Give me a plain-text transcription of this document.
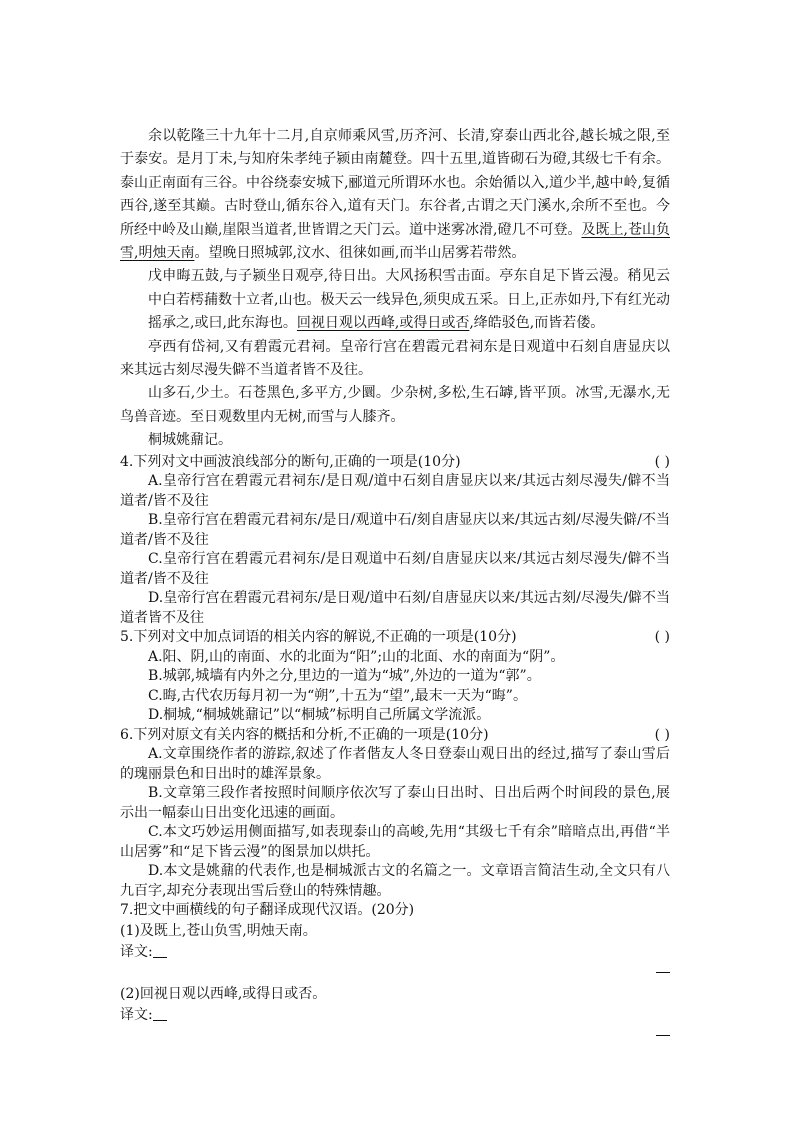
余以乾隆三十九年十二月,自京师乘风雪,历齐河、长清,穿泰山西北谷,越长城之限,至于泰安。是月丁未,与知府朱孝纯子颍由南麓登。四十五里,道皆砌石为磴,其级七千有余。泰山正南面有三谷。中谷绕泰安城下,郦道元所谓环水也。余始循以入,道少半,越中岭,复循西谷,遂至其巅。古时登山,循东谷入,道有天门。东谷者,古谓之天门溪水,余所不至也。今所经中岭及山巅,崖限当道者,世皆谓之天门云。道中迷雾冰滑,磴几不可登。及既上,苍山负雪,明烛天南。望晚日照城郭,汶水、徂徕如画,而半山居雾若带然。

戊申晦五鼓,与子颍坐日观亭,待日出。大风扬积雪击面。亭东自足下皆云漫。稍见云中白若樗蒱数十立者,山也。极天云一线异色,须臾成五采。日上,正赤如丹,下有红光动摇承之,或曰,此东海也。回视日观以西峰,或得日或否,绛皓驳色,而皆若偻。

亭西有岱祠,又有碧霞元君祠。皇帝行宫在碧霞元君祠东是日观道中石刻自唐显庆以来其远古刻尽漫失僻不当道者皆不及往。

山多石,少土。石苍黑色,多平方,少圜。少杂树,多松,生石罅,皆平顶。冰雪,无瀑水,无鸟兽音迹。至日观数里内无树,而雪与人膝齐。

桐城姚鼐记。

4.下列对文中画波浪线部分的断句,正确的一项是(10分)	( )

A.皇帝行宫在碧霞元君祠东/是日观/道中石刻自唐显庆以来/其远古刻尽漫失/僻不当道者/皆不及往

B.皇帝行宫在碧霞元君祠东/是日/观道中石/刻自唐显庆以来/其远古刻/尽漫失僻/不当道者/皆不及往

C.皇帝行宫在碧霞元君祠东/是日观道中石刻/自唐显庆以来/其远古刻尽漫失/僻不当道者/皆不及往

D.皇帝行宫在碧霞元君祠东/是日观/道中石刻/自唐显庆以来/其远古刻/尽漫失/僻不当道者皆不及往

5.下列对文中加点词语的相关内容的解说,不正确的一项是(10分)	( )

A.阳、阴,山的南面、水的北面为“阳”;山的北面、水的南面为“阴”。

B.城郭,城墙有内外之分,里边的一道为“城”,外边的一道为“郭”。

C.晦,古代农历每月初一为“朔”,十五为“望”,最末一天为“晦”。

D.桐城,“桐城姚鼐记”以“桐城”标明自己所属文学流派。

6.下列对原文有关内容的概括和分析,不正确的一项是(10分)	( )

A.文章围绕作者的游踪,叙述了作者偕友人冬日登泰山观日出的经过,描写了泰山雪后的瑰丽景色和日出时的雄浑景象。

B.文章第三段作者按照时间顺序依次写了泰山日出时、日出后两个时间段的景色,展示出一幅泰山日出变化迅速的画面。

C.本文巧妙运用侧面描写,如表现泰山的高峻,先用“其级七千有余”暗暗点出,再借“半山居雾”和“足下皆云漫”的图景加以烘托。

D.本文是姚鼐的代表作,也是桐城派古文的名篇之一。文章语言简洁生动,全文只有八九百字,却充分表现出雪后登山的特殊情趣。

7.把文中画横线的句子翻译成现代汉语。(20分)
(1)及既上,苍山负雪,明烛天南。
译文:
(2)回视日观以西峰,或得日或否。
译文:
